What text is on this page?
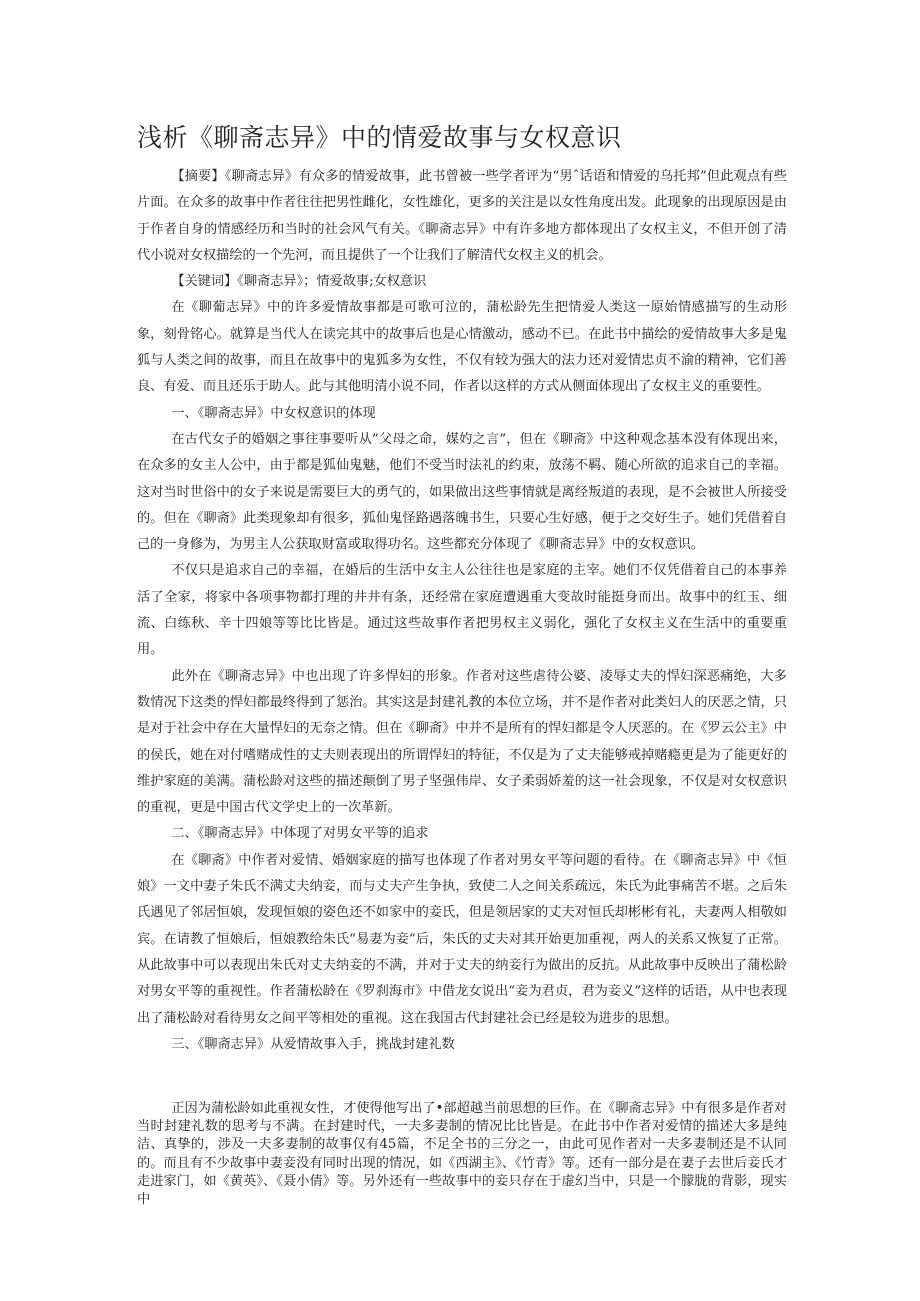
浅析《聊斋志异》中的情爱故事与女权意识

【摘要】《聊斋志异》有众多的情爱故事，此书曾被一些学者评为“男ˆ话语和情爱的乌托邦”但此观点有些片面。在众多的故事中作者往往把男性雌化，女性雄化，更多的关注是以女性角度出发。此现象的出现原因是由于作者自身的情感经历和当时的社会风气有关。《聊斋志异》中有许多地方都体现出了女权主义，不但开创了清代小说对女权描绘的一个先河，而且提供了一个让我们了解清代女权主义的机会。

【关键词】《聊斋志异》；情爱故事;女权意识

在《聊葡志异》中的许多爱情故事都是可歌可泣的，蒲松龄先生把情爱人类这一原始情感描写的生动形象，刻骨铭心。就算是当代人在读完其中的故事后也是心情激动，感动不已。在此书中描绘的爱情故事大多是鬼狐与人类之间的故事，而且在故事中的鬼狐多为女性，不仅有较为强大的法力还对爱情忠贞不渝的精神，它们善良、有爱、而且还乐于助人。此与其他明清小说不同，作者以这样的方式从侧面体现出了女权主义的重要性。

一、《聊斋志异》中女权意识的体现

在古代女子的婚姻之事往事要听从”父母之命，媒妁之言”，但在《聊斋》中这种观念基本没有体现出来，在众多的女主人公中，由于都是狐仙鬼魅，他们不受当时法礼的约束，放荡不羁、随心所欲的追求自己的幸福。这对当时世俗中的女子来说是需要巨大的勇气的，如果做出这些事情就是离经叛道的表现，是不会被世人所接受的。但在《聊斋》此类现象却有很多，狐仙鬼怪路遇落魄书生，只要心生好感，便于之交好生子。她们凭借着自己的一身修为，为男主人公获取财富或取得功名。这些都充分体现了《聊斋志异》中的女权意识。

不仅只是追求自己的幸福，在婚后的生活中女主人公往往也是家庭的主宰。她们不仅凭借着自己的本事养活了全家，将家中各项事物都打理的井井有条，还经常在家庭遭遇重大变故时能挺身而出。故事中的红玉、细流、白练秋、辛十四娘等等比比皆是。通过这些故事作者把男权主义弱化，强化了女权主义在生活中的重要重用。

此外在《聊斋志异》中也出现了许多悍妇的形象。作者对这些虐待公婆、凌辱丈夫的悍妇深恶痛绝，大多数情况下这类的悍妇都最终得到了惩治。其实这是封建礼教的本位立场，并不是作者对此类妇人的厌恶之情，只是对于社会中存在大量悍妇的无奈之情。但在《聊斋》中并不是所有的悍妇都是令人厌恶的。在《罗云公主》中的侯氏，她在对付嗜赌成性的丈夫则表现出的所谓悍妇的特征，不仅是为了丈夫能够戒掉赌瘾更是为了能更好的维护家庭的美满。蒲松龄对这些的描述颠倒了男子坚强伟岸、女子柔弱娇羞的这一社会现象，不仅是对女权意识的重视，更是中国古代文学史上的一次革新。

二、《聊斋志异》中体现了对男女平等的追求

在《聊斋》中作者对爱情、婚姻家庭的描写也体现了作者对男女平等问题的看待。在《聊斋志异》中《恒娘》一文中妻子朱氏不满丈夫纳妾，而与丈夫产生争执，致使二人之间关系疏远，朱氏为此事痛苦不堪。之后朱氏遇见了邻居恒娘，发现恒娘的姿色还不如家中的妾氏，但是领居家的丈夫对恒氏却彬彬有礼，夫妻两人相敬如宾。在请教了恒娘后，恒娘教给朱氏“易妻为妾”后，朱氏的丈夫对其开始更加重视，两人的关系又恢复了正常。从此故事中可以表现出朱氏对丈夫纳妾的不满，并对于丈夫的纳妾行为做出的反抗。从此故事中反映出了蒲松龄对男女平等的重视性。作者蒲松龄在《罗刹海市》中借龙女说出“妾为君贞，君为妾义”这样的话语，从中也表现出了蒲松龄对看待男女之间平等相处的重视。这在我国古代封建社会已经是较为进步的思想。

三、《聊斋志异》从爱情故事入手，挑战封建礼数

正因为蒲松龄如此重视女性，才使得他写出了•部超越当前思想的巨作。在《聊斋志异》中有很多是作者对当时封建礼数的思考与不满。在封建时代，一夫多妻制的情况比比皆是。在此书中作者对爱情的描述大多是纯洁、真挚的，涉及一夫多妻制的故事仅有45篇，不足全书的三分之一，由此可见作者对一夫多妻制还是不认同的。而且有不少故事中妻妾没有同时出现的情况，如《西湖主》、《竹青》等。还有一部分是在妻子去世后妾氏才走进家门，如《黄英》、《聂小倩》等。另外还有一些故事中的妾只存在于虚幻当中，只是一个朦胧的背影，现实中
